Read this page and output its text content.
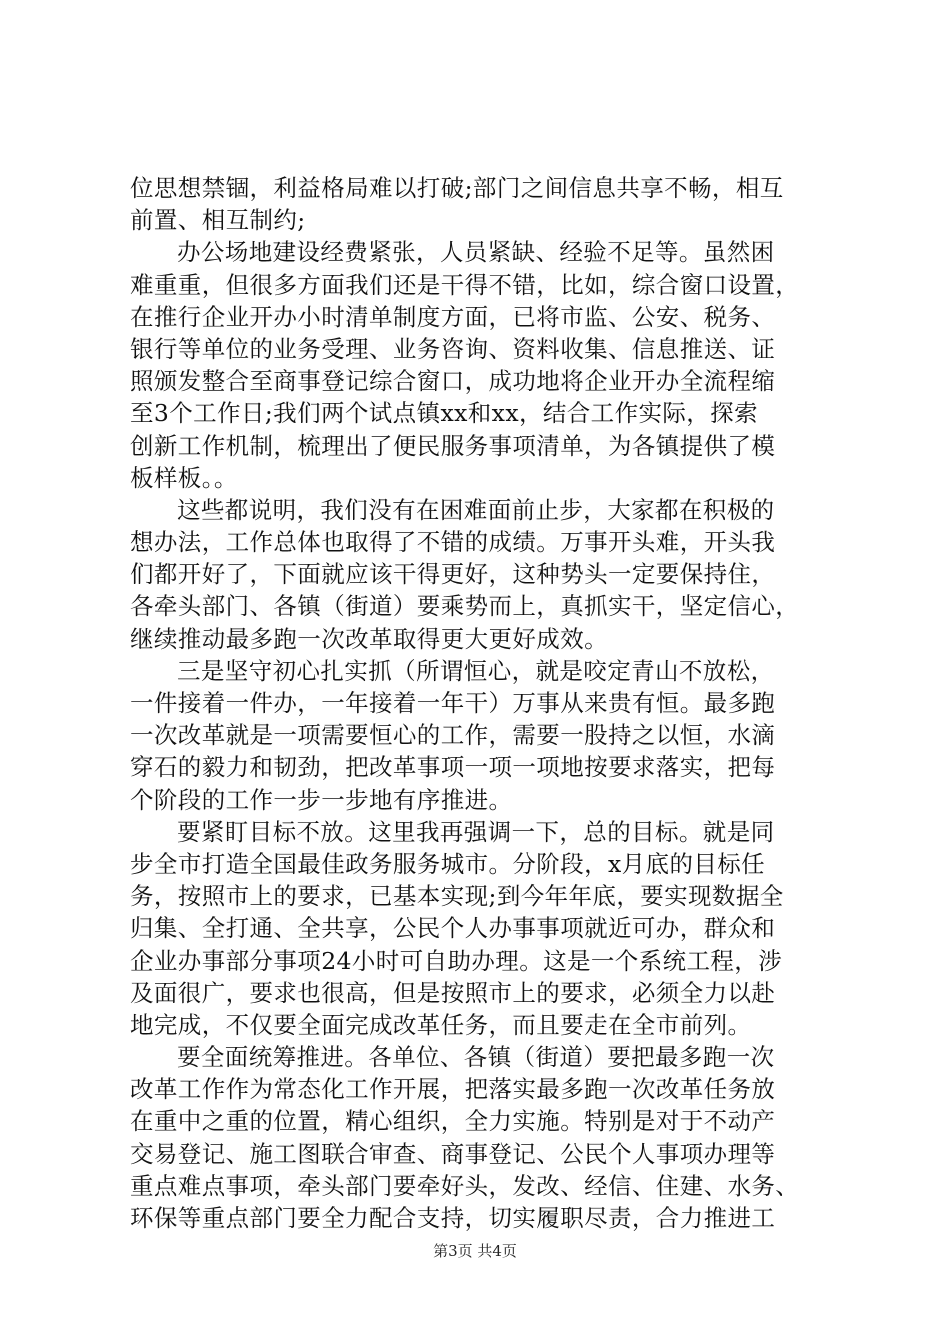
位思想禁锢，利益格局难以打破;部门之间信息共享不畅，相互
前置、相互制约;
办公场地建设经费紧张，人员紧缺、经验不足等。虽然困
难重重，但很多方面我们还是干得不错，比如，综合窗口设置，
在推行企业开办小时清单制度方面，已将市监、公安、税务、
银行等单位的业务受理、业务咨询、资料收集、信息推送、证
照颁发整合至商事登记综合窗口，成功地将企业开办全流程缩
至3个工作日;我们两个试点镇xx和xx，结合工作实际，探索
创新工作机制，梳理出了便民服务事项清单，为各镇提供了模
板样板。。
这些都说明，我们没有在困难面前止步，大家都在积极的
想办法，工作总体也取得了不错的成绩。万事开头难，开头我
们都开好了，下面就应该干得更好，这种势头一定要保持住，
各牵头部门、各镇（街道）要乘势而上，真抓实干，坚定信心，
继续推动最多跑一次改革取得更大更好成效。
三是坚守初心扎实抓（所谓恒心，就是咬定青山不放松，
一件接着一件办，一年接着一年干）万事从来贵有恒。最多跑
一次改革就是一项需要恒心的工作，需要一股持之以恒，水滴
穿石的毅力和韧劲，把改革事项一项一项地按要求落实，把每
个阶段的工作一步一步地有序推进。
要紧盯目标不放。这里我再强调一下，总的目标。就是同
步全市打造全国最佳政务服务城市。分阶段，x月底的目标任
务，按照市上的要求，已基本实现;到今年年底，要实现数据全
归集、全打通、全共享，公民个人办事事项就近可办，群众和
企业办事部分事项24小时可自助办理。这是一个系统工程，涉
及面很广，要求也很高，但是按照市上的要求，必须全力以赴
地完成，不仅要全面完成改革任务，而且要走在全市前列。
要全面统筹推进。各单位、各镇（街道）要把最多跑一次
改革工作作为常态化工作开展，把落实最多跑一次改革任务放
在重中之重的位置，精心组织，全力实施。特别是对于不动产
交易登记、施工图联合审查、商事登记、公民个人事项办理等
重点难点事项，牵头部门要牵好头，发改、经信、住建、水务、
环保等重点部门要全力配合支持，切实履职尽责，合力推进工
第3页 共4页
